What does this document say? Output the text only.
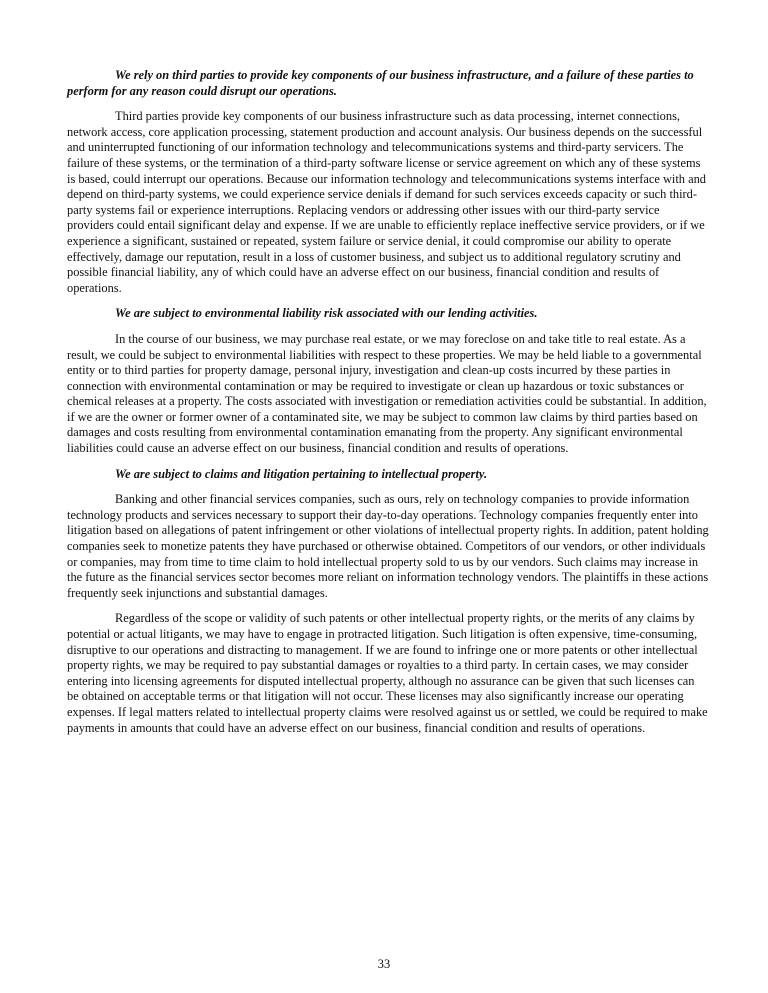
We rely on third parties to provide key components of our business infrastructure, and a failure of these parties to perform for any reason could disrupt our operations.

Third parties provide key components of our business infrastructure such as data processing, internet connections, network access, core application processing, statement production and account analysis. Our business depends on the successful and uninterrupted functioning of our information technology and telecommunications systems and third-party servicers. The failure of these systems, or the termination of a third-party software license or service agreement on which any of these systems is based, could interrupt our operations. Because our information technology and telecommunications systems interface with and depend on third-party systems, we could experience service denials if demand for such services exceeds capacity or such third-party systems fail or experience interruptions. Replacing vendors or addressing other issues with our third-party service providers could entail significant delay and expense. If we are unable to efficiently replace ineffective service providers, or if we experience a significant, sustained or repeated, system failure or service denial, it could compromise our ability to operate effectively, damage our reputation, result in a loss of customer business, and subject us to additional regulatory scrutiny and possible financial liability, any of which could have an adverse effect on our business, financial condition and results of operations.

We are subject to environmental liability risk associated with our lending activities.

In the course of our business, we may purchase real estate, or we may foreclose on and take title to real estate. As a result, we could be subject to environmental liabilities with respect to these properties. We may be held liable to a governmental entity or to third parties for property damage, personal injury, investigation and clean-up costs incurred by these parties in connection with environmental contamination or may be required to investigate or clean up hazardous or toxic substances or chemical releases at a property. The costs associated with investigation or remediation activities could be substantial. In addition, if we are the owner or former owner of a contaminated site, we may be subject to common law claims by third parties based on damages and costs resulting from environmental contamination emanating from the property. Any significant environmental liabilities could cause an adverse effect on our business, financial condition and results of operations.

We are subject to claims and litigation pertaining to intellectual property.

Banking and other financial services companies, such as ours, rely on technology companies to provide information technology products and services necessary to support their day-to-day operations. Technology companies frequently enter into litigation based on allegations of patent infringement or other violations of intellectual property rights. In addition, patent holding companies seek to monetize patents they have purchased or otherwise obtained. Competitors of our vendors, or other individuals or companies, may from time to time claim to hold intellectual property sold to us by our vendors. Such claims may increase in the future as the financial services sector becomes more reliant on information technology vendors. The plaintiffs in these actions frequently seek injunctions and substantial damages.

Regardless of the scope or validity of such patents or other intellectual property rights, or the merits of any claims by potential or actual litigants, we may have to engage in protracted litigation. Such litigation is often expensive, time-consuming, disruptive to our operations and distracting to management. If we are found to infringe one or more patents or other intellectual property rights, we may be required to pay substantial damages or royalties to a third party. In certain cases, we may consider entering into licensing agreements for disputed intellectual property, although no assurance can be given that such licenses can be obtained on acceptable terms or that litigation will not occur. These licenses may also significantly increase our operating expenses. If legal matters related to intellectual property claims were resolved against us or settled, we could be required to make payments in amounts that could have an adverse effect on our business, financial condition and results of operations.

33
